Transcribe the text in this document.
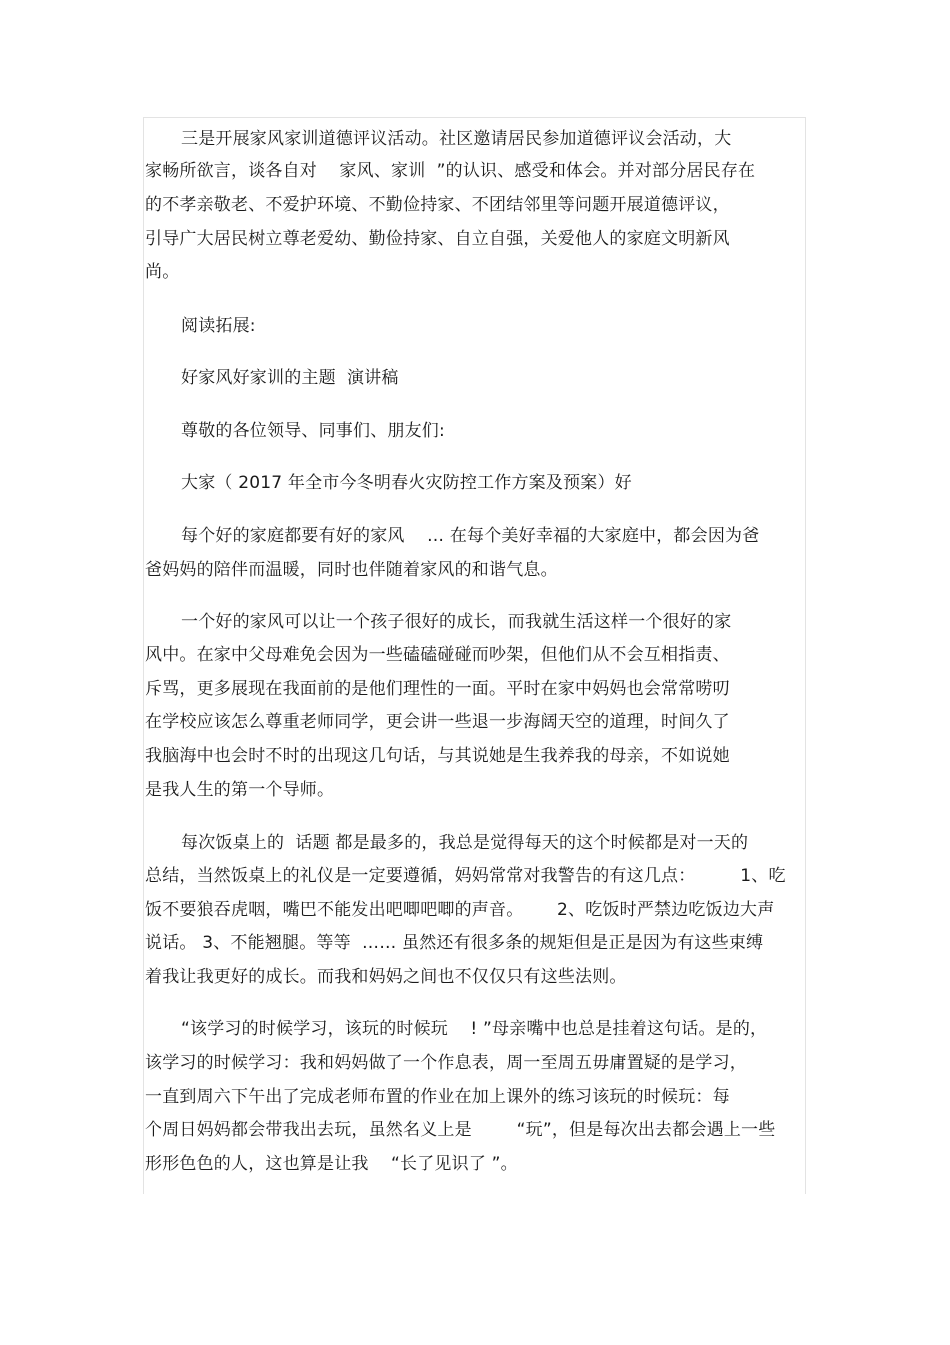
三是开展家风家训道德评议活动。社区邀请居民参加道德评议会活动，大
家畅所欲言，谈各自对    家风、家训  ”的认识、感受和体会。并对部分居民存在
的不孝亲敬老、不爱护环境、不勤俭持家、不团结邻里等问题开展道德评议，
引导广大居民树立尊老爱幼、勤俭持家、自立自强，关爱他人的家庭文明新风
尚。
阅读拓展:
好家风好家训的主题  演讲稿
尊敬的各位领导、同事们、朋友们:
大家（ 2017 年全市今冬明春火灾防控工作方案及预案）好
每个好的家庭都要有好的家风    … 在每个美好幸福的大家庭中，都会因为爸
爸妈妈的陪伴而温暖，同时也伴随着家风的和谐气息。
一个好的家风可以让一个孩子很好的成长，而我就生活这样一个很好的家
风中。在家中父母难免会因为一些磕磕碰碰而吵架，但他们从不会互相指责、
斥骂，更多展现在我面前的是他们理性的一面。平时在家中妈妈也会常常唠叨
在学校应该怎么尊重老师同学，更会讲一些退一步海阔天空的道理，时间久了
我脑海中也会时不时的出现这几句话，与其说她是生我养我的母亲，不如说她
是我人生的第一个导师。
每次饭桌上的  话题 都是最多的，我总是觉得每天的这个时候都是对一天的
总结，当然饭桌上的礼仪是一定要遵循，妈妈常常对我警告的有这几点：        1、吃
饭不要狼吞虎咽，嘴巴不能发出吧唧吧唧的声音。      2、吃饭时严禁边吃饭边大声
说话。 3、不能翘腿。等等  …… 虽然还有很多条的规矩但是正是因为有这些束缚
着我让我更好的成长。而我和妈妈之间也不仅仅只有这些法则。
“该学习的时候学习，该玩的时候玩    ! ”母亲嘴中也总是挂着这句话。是的，
该学习的时候学习：我和妈妈做了一个作息表，周一至周五毋庸置疑的是学习，
一直到周六下午出了完成老师布置的作业在加上课外的练习该玩的时候玩：每
个周日妈妈都会带我出去玩，虽然名义上是        “玩”，但是每次出去都会遇上一些
形形色色的人，这也算是让我    “长了见识了 ”。
